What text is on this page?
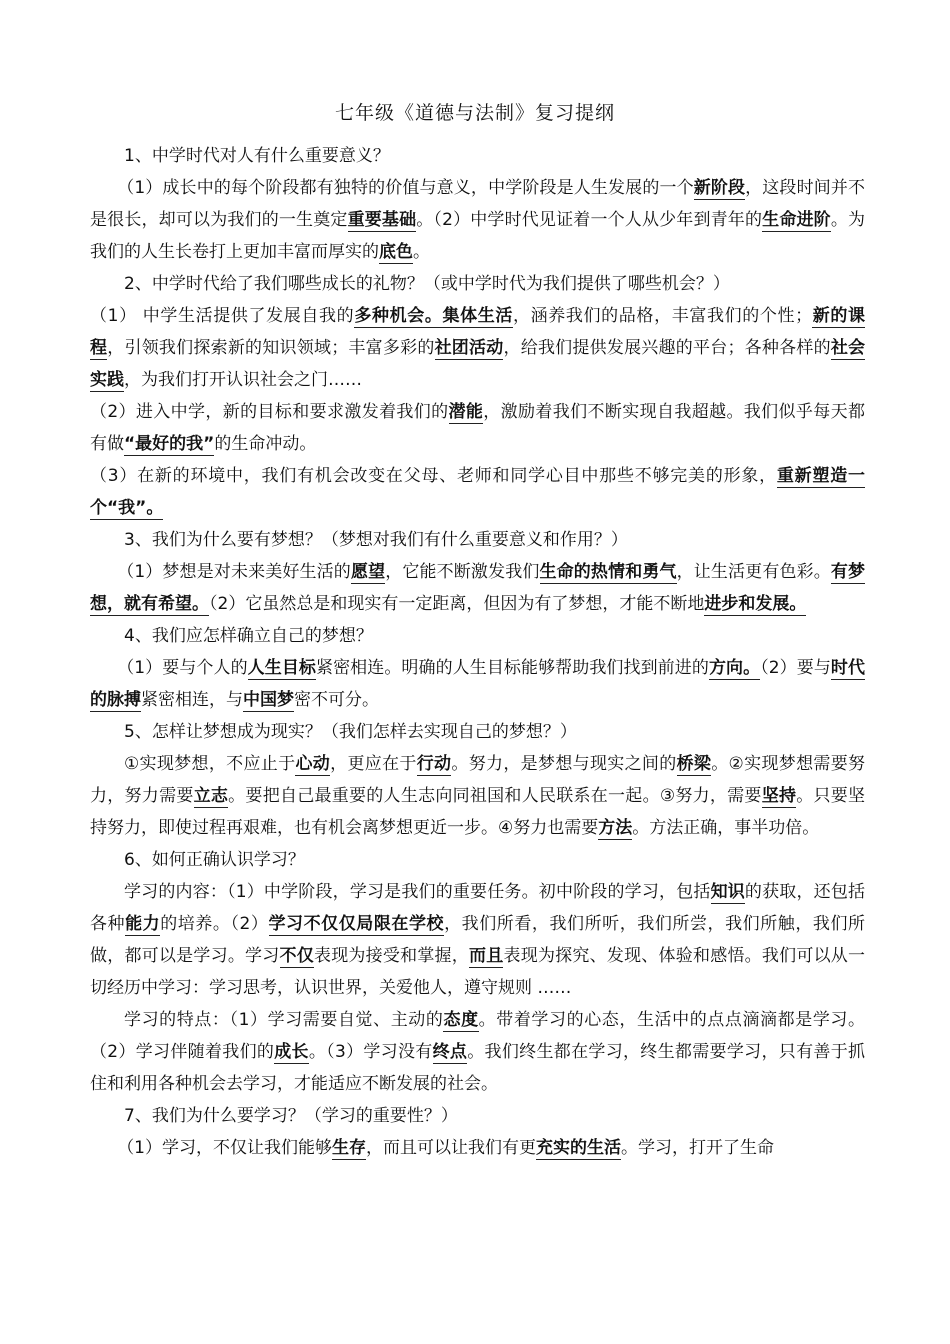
七年级《道德与法制》复习提纲

1、中学时代对人有什么重要意义？

（1）成长中的每个阶段都有独特的价值与意义，中学阶段是人生发展的一个新阶段，这段时间并不是很长，却可以为我们的一生奠定重要基础。（2）中学时代见证着一个人从少年到青年的生命进阶。为我们的人生长卷打上更加丰富而厚实的底色。

2、中学时代给了我们哪些成长的礼物？（或中学时代为我们提供了哪些机会？）

（1） 中学生活提供了发展自我的多种机会。集体生活，涵养我们的品格，丰富我们的个性；新的课程，引领我们探索新的知识领域；丰富多彩的社团活动，给我们提供发展兴趣的平台；各种各样的社会实践，为我们打开认识社会之门……

（2）进入中学，新的目标和要求激发着我们的潜能，激励着我们不断实现自我超越。我们似乎每天都有做“最好的我”的生命冲动。

（3）在新的环境中，我们有机会改变在父母、老师和同学心目中那些不够完美的形象，重新塑造一个“我”。

3、我们为什么要有梦想？（梦想对我们有什么重要意义和作用？）

（1）梦想是对未来美好生活的愿望，它能不断激发我们生命的热情和勇气，让生活更有色彩。有梦想，就有希望。（2）它虽然总是和现实有一定距离，但因为有了梦想，才能不断地进步和发展。

4、我们应怎样确立自己的梦想？

（1）要与个人的人生目标紧密相连。明确的人生目标能够帮助我们找到前进的方向。（2）要与时代的脉搏紧密相连，与中国梦密不可分。

5、怎样让梦想成为现实？（我们怎样去实现自己的梦想？）

①实现梦想，不应止于心动，更应在于行动。努力，是梦想与现实之间的桥梁。②实现梦想需要努力，努力需要立志。要把自己最重要的人生志向同祖国和人民联系在一起。③努力，需要坚持。只要坚持努力，即使过程再艰难，也有机会离梦想更近一步。④努力也需要方法。方法正确，事半功倍。

6、如何正确认识学习？

学习的内容：（1）中学阶段，学习是我们的重要任务。初中阶段的学习，包括知识的获取，还包括各种能力的培养。（2）学习不仅仅局限在学校，我们所看，我们所听，我们所尝，我们所触，我们所做，都可以是学习。学习不仅表现为接受和掌握，而且表现为探究、发现、体验和感悟。我们可以从一切经历中学习：学习思考，认识世界，关爱他人，遵守规则 ……

学习的特点：（1）学习需要自觉、主动的态度。带着学习的心态，生活中的点点滴滴都是学习。（2）学习伴随着我们的成长。（3）学习没有终点。我们终生都在学习，终生都需要学习，只有善于抓住和利用各种机会去学习，才能适应不断发展的社会。

7、我们为什么要学习？（学习的重要性？）

（1）学习，不仅让我们能够生存，而且可以让我们有更充实的生活。学习，打开了生命
